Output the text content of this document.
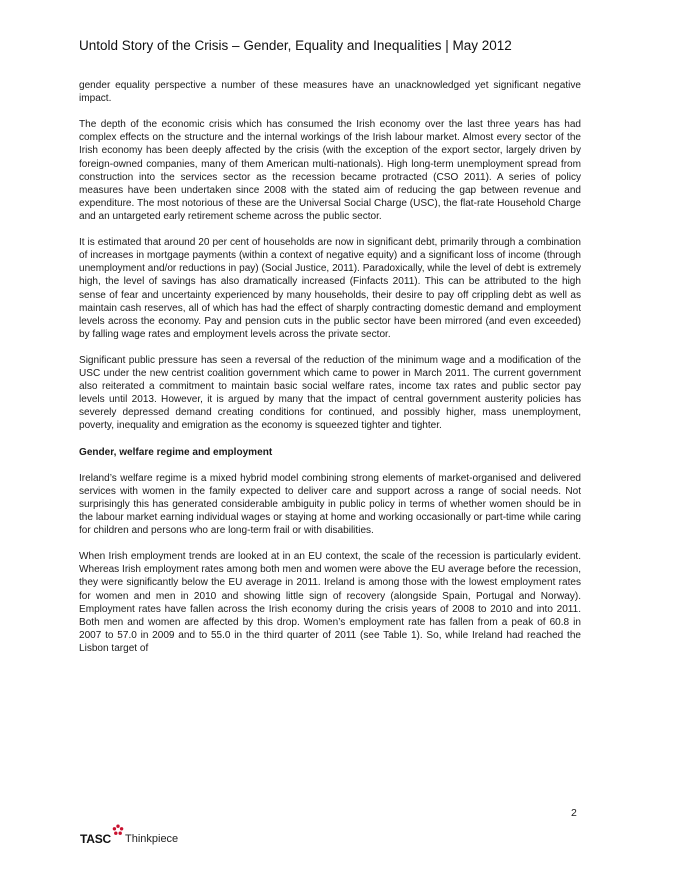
Untold Story of the Crisis – Gender, Equality and Inequalities | May 2012

gender equality perspective a number of these measures have an unacknowledged yet significant negative impact.

The depth of the economic crisis which has consumed the Irish economy over the last three years has had complex effects on the structure and the internal workings of the Irish labour market. Almost every sector of the Irish economy has been deeply affected by the crisis (with the exception of the export sector, largely driven by foreign-owned companies, many of them American multi-nationals). High long-term unemployment spread from construction into the services sector as the recession became protracted (CSO 2011). A series of policy measures have been undertaken since 2008 with the stated aim of reducing the gap between revenue and expenditure. The most notorious of these are the Universal Social Charge (USC), the flat-rate Household Charge and an untargeted early retirement scheme across the public sector.

It is estimated that around 20 per cent of households are now in significant debt, primarily through a combination of increases in mortgage payments (within a context of negative equity) and a significant loss of income (through unemployment and/or reductions in pay) (Social Justice, 2011). Paradoxically, while the level of debt is extremely high, the level of savings has also dramatically increased (Finfacts 2011). This can be attributed to the high sense of fear and uncertainty experienced by many households, their desire to pay off crippling debt as well as maintain cash reserves, all of which has had the effect of sharply contracting domestic demand and employment levels across the economy. Pay and pension cuts in the public sector have been mirrored (and even exceeded) by falling wage rates and employment levels across the private sector.

Significant public pressure has seen a reversal of the reduction of the minimum wage and a modification of the USC under the new centrist coalition government which came to power in March 2011. The current government also reiterated a commitment to maintain basic social welfare rates, income tax rates and public sector pay levels until 2013. However, it is argued by many that the impact of central government austerity policies has severely depressed demand creating conditions for continued, and possibly higher, mass unemployment, poverty, inequality and emigration as the economy is squeezed tighter and tighter.

Gender, welfare regime and employment

Ireland’s welfare regime is a mixed hybrid model combining strong elements of market-organised and delivered services with women in the family expected to deliver care and support across a range of social needs. Not surprisingly this has generated considerable ambiguity in public policy in terms of whether women should be in the labour market earning individual wages or staying at home and working occasionally or part-time while caring for children and persons who are long-term frail or with disabilities.

When Irish employment trends are looked at in an EU context, the scale of the recession is particularly evident. Whereas Irish employment rates among both men and women were above the EU average before the recession, they were significantly below the EU average in 2011. Ireland is among those with the lowest employment rates for women and men in 2010 and showing little sign of recovery (alongside Spain, Portugal and Norway). Employment rates have fallen across the Irish economy during the crisis years of 2008 to 2010 and into 2011. Both men and women are affected by this drop. Women’s employment rate has fallen from a peak of 60.8 in 2007 to 57.0 in 2009 and to 55.0 in the third quarter of 2011 (see Table 1). So, while Ireland had reached the Lisbon target of

2
TASC Thinkpiece
